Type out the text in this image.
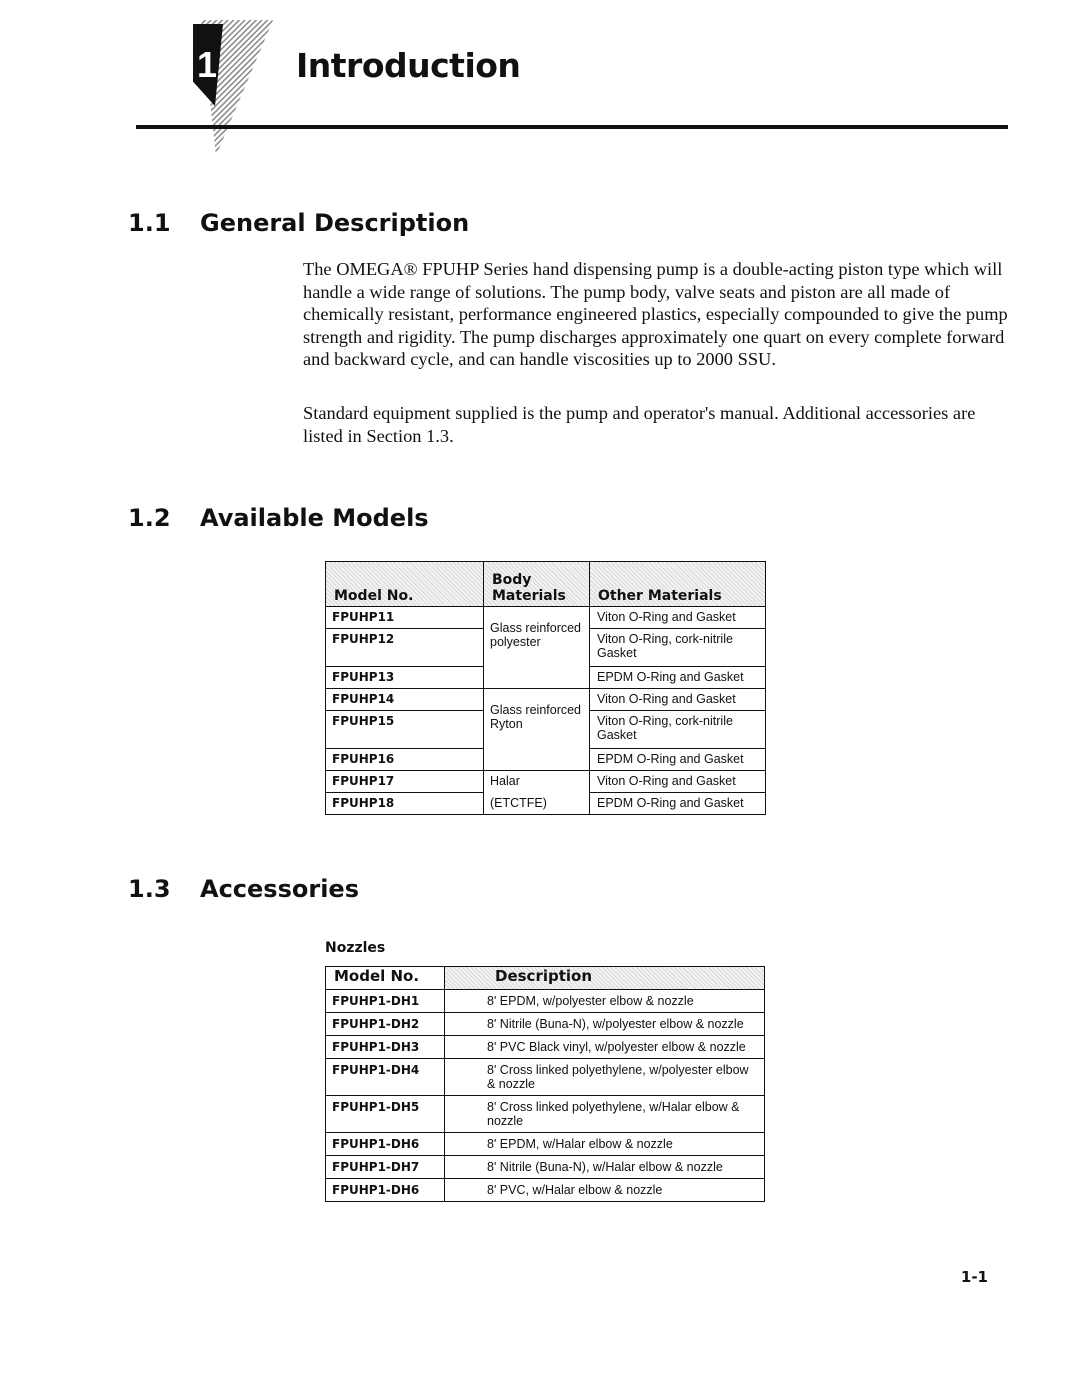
1 Introduction
1.1 General Description
The OMEGA® FPUHP Series hand dispensing pump is a double-acting piston type which will handle a wide range of solutions. The pump body, valve seats and piston are all made of chemically resistant, performance engineered plastics, especially compounded to give the pump strength and rigidity. The pump discharges approximately one quart on every complete forward and backward cycle, and can handle viscosities up to 2000 SSU.
Standard equipment supplied is the pump and operator's manual. Additional accessories are listed in Section 1.3.
1.2 Available Models
Model No.	Body Materials	Other Materials
FPUHP11	Glass reinforced polyester	Viton O-Ring and Gasket
FPUHP12		Viton O-Ring, cork-nitrile Gasket
FPUHP13		EPDM O-Ring and Gasket
FPUHP14	Glass reinforced Ryton	Viton O-Ring and Gasket
FPUHP15		Viton O-Ring, cork-nitrile Gasket
FPUHP16		EPDM O-Ring and Gasket
FPUHP17	Halar	Viton O-Ring and Gasket
FPUHP18	(ETCTFE)	EPDM O-Ring and Gasket
1.3 Accessories
Nozzles
Model No.	Description
FPUHP1-DH1	8' EPDM, w/polyester elbow & nozzle
FPUHP1-DH2	8' Nitrile (Buna-N), w/polyester elbow & nozzle
FPUHP1-DH3	8' PVC Black vinyl, w/polyester elbow & nozzle
FPUHP1-DH4	8' Cross linked polyethylene, w/polyester elbow & nozzle
FPUHP1-DH5	8' Cross linked polyethylene, w/Halar elbow & nozzle
FPUHP1-DH6	8' EPDM, w/Halar elbow & nozzle
FPUHP1-DH7	8' Nitrile (Buna-N), w/Halar elbow & nozzle
FPUHP1-DH6	8' PVC, w/Halar elbow & nozzle
1-1
